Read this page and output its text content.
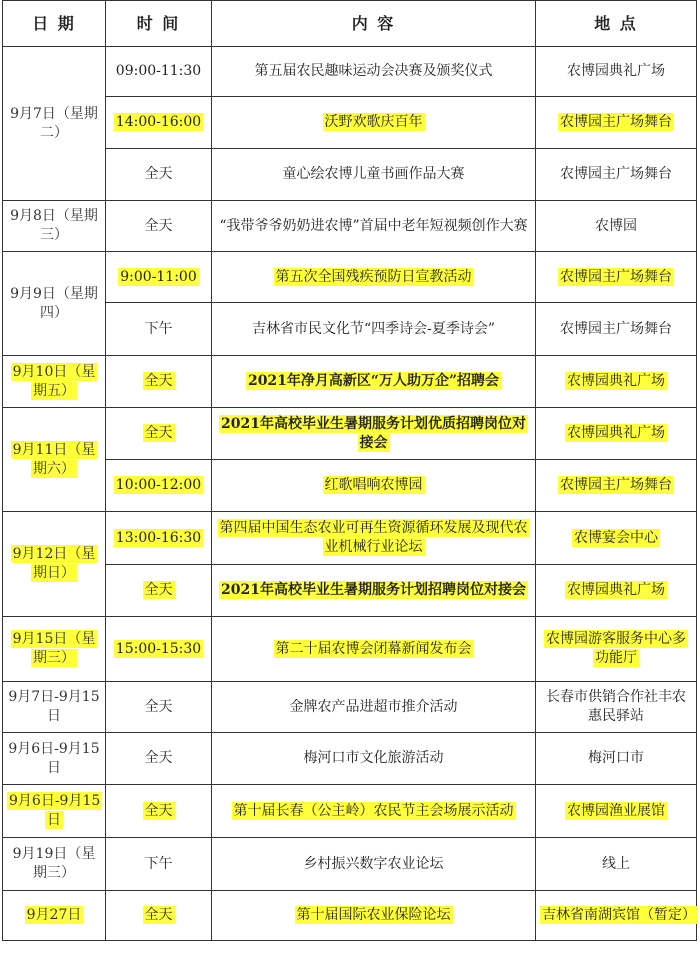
日 期	时 间	内 容	地 点
9月7日（星期二）	09:00-11:30	第五届农民趣味运动会决赛及颁奖仪式	农博园典礼广场
	14:00-16:00	沃野欢歌庆百年	农博园主广场舞台
	全天	童心绘农博儿童书画作品大赛	农博园主广场舞台
9月8日（星期三）	全天	“我带爷爷奶奶进农博”首届中老年短视频创作大赛	农博园
9月9日（星期四）	9:00-11:00	第五次全国残疾预防日宣教活动	农博园主广场舞台
	下午	吉林省市民文化节“四季诗会-夏季诗会”	农博园主广场舞台
9月10日（星期五）	全天	2021年净月高新区“万人助万企”招聘会	农博园典礼广场
9月11日（星期六）	全天	2021年高校毕业生暑期服务计划优质招聘岗位对接会	农博园典礼广场
	10:00-12:00	红歌唱响农博园	农博园主广场舞台
9月12日（星期日）	13:00-16:30	第四届中国生态农业可再生资源循环发展及现代农业机械行业论坛	农博宴会中心
	全天	2021年高校毕业生暑期服务计划招聘岗位对接会	农博园典礼广场
9月15日（星期三）	15:00-15:30	第二十届农博会闭幕新闻发布会	农博园游客服务中心多功能厅
9月7日-9月15日	全天	金牌农产品进超市推介活动	长春市供销合作社丰农惠民驿站
9月6日-9月15日	全天	梅河口市文化旅游活动	梅河口市
9月6日-9月15日	全天	第十届长春（公主岭）农民节主会场展示活动	农博园渔业展馆
9月19日（星期三）	下午	乡村振兴数字农业论坛	线上
9月27日	全天	第十届国际农业保险论坛	吉林省南湖宾馆（暂定）
